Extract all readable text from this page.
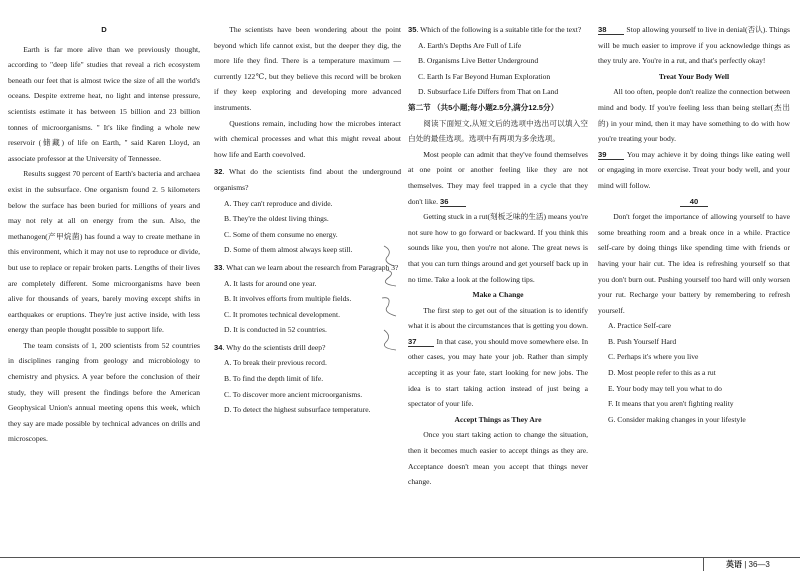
D

Earth is far more alive than we previously thought, according to "deep life" studies that reveal a rich ecosystem beneath our feet that is almost twice the size of all the world's oceans. Despite extreme heat, no light and intense pressure, scientists estimate it has between 15 billion and 23 billion tonnes of microorganisms. " It's like finding a whole new reservoir (储藏) of life on Earth, " said Karen Lloyd, an associate professor at the University of Tennessee.

Results suggest 70 percent of Earth's bacteria and archaea exist in the subsurface. One organism found 2. 5 kilometers below the surface has been buried for millions of years and may not rely at all on energy from the sun. Also, the methanogen(产甲烷菌) has found a way to create methane in this environment, which it may not use to reproduce or divide, but use to replace or repair broken parts. Lengths of their lives are completely different. Some microorganisms have been alive for thousands of years, barely moving except shifts in earthquakes or eruptions. They're just active inside, with less energy than people thought possible to support life.

The team consists of 1, 200 scientists from 52 countries in disciplines ranging from geology and microbiology to chemistry and physics. A year before the conclusion of their study, they will present the findings before the American Geophysical Union's annual meeting opens this week, which they say are made possible by technical advances on drills and microscopes.

The scientists have been wondering about the point beyond which life cannot exist, but the deeper they dig, the more life they find. There is a temperature maximum — currently 122℃, but they believe this record will be broken if they keep exploring and developing more advanced instruments.

Questions remain, including how the microbes interact with chemical processes and what this might reveal about how life and Earth coevolved.

32. What do the scientists find about the underground organisms?

A. They can't reproduce and divide.

B. They're the oldest living things.

C. Some of them consume no energy.

D. Some of them almost always keep still.

33. What can we learn about the research from Paragraph 3?

A. It lasts for around one year.

B. It involves efforts from multiple fields.

C. It promotes technical development.

D. It is conducted in 52 countries.

34. Why do the scientists drill deep?

A. To break their previous record.

B. To find the depth limit of life.

C. To discover more ancient microorganisms.

D. To detect the highest subsurface temperature.

35. Which of the following is a suitable title for the text?

A. Earth's Depths Are Full of Life

B. Organisms Live Better Underground

C. Earth Is Far Beyond Human Exploration

D. Subsurface Life Differs from That on Land

第二节 （共5小题;每小题2.5分,满分12.5分）

阅读下面短文,从短文后的选项中选出可以填入空白处的最佳选项。选项中有两项为多余选项。

Most people can admit that they've found themselves at one point or another feeling like they are not themselves. They may feel trapped in a cycle that they don't like. 36

Getting stuck in a rut(刻板乏味的生活) means you're not sure how to go forward or backward. If you think this sounds like you, then you're not alone. The great news is that you can turn things around and get yourself back up in no time. Take a look at the following tips.

Make a Change

The first step to get out of the situation is to identify what it is about the circumstances that is getting you down. 37	In that case, you should move somewhere else. In other cases, you may hate your job. Rather than simply accepting it as your fate, start looking for new jobs. The idea is to start taking action instead of just being a spectator of your life.

Accept Things as They Are

Once you start taking action to change the situation, then it becomes much easier to accept things as they are. Acceptance doesn't mean you accept that things never change.

38	Stop allowing yourself to live in denial(否认). Things will be much easier to improve if you acknowledge things as they truly are. You're in a rut, and that's perfectly okay!

Treat Your Body Well

All too often, people don't realize the connection between mind and body. If you're feeling less than being stellar(杰出的) in your mind, then it may have something to do with how you're treating your body.

39	You may achieve it by doing things like eating well or engaging in more exercise. Treat your body well, and your mind will follow.

40

Don't forget the importance of allowing yourself to have some breathing room and a break once in a while. Practice self-care by doing things like spending time with friends or having your hair cut. The idea is refreshing yourself so that you don't burn out. Pushing yourself too hard will only worsen your rut. Recharge your battery by remembering to refresh yourself.

A. Practice Self-care

B. Push Yourself Hard

C. Perhaps it's where you live

D. Most people refer to this as a rut

E. Your body may tell you what to do

F. It means that you aren't fighting reality

G. Consider making changes in your lifestyle

英语 | 36—3
